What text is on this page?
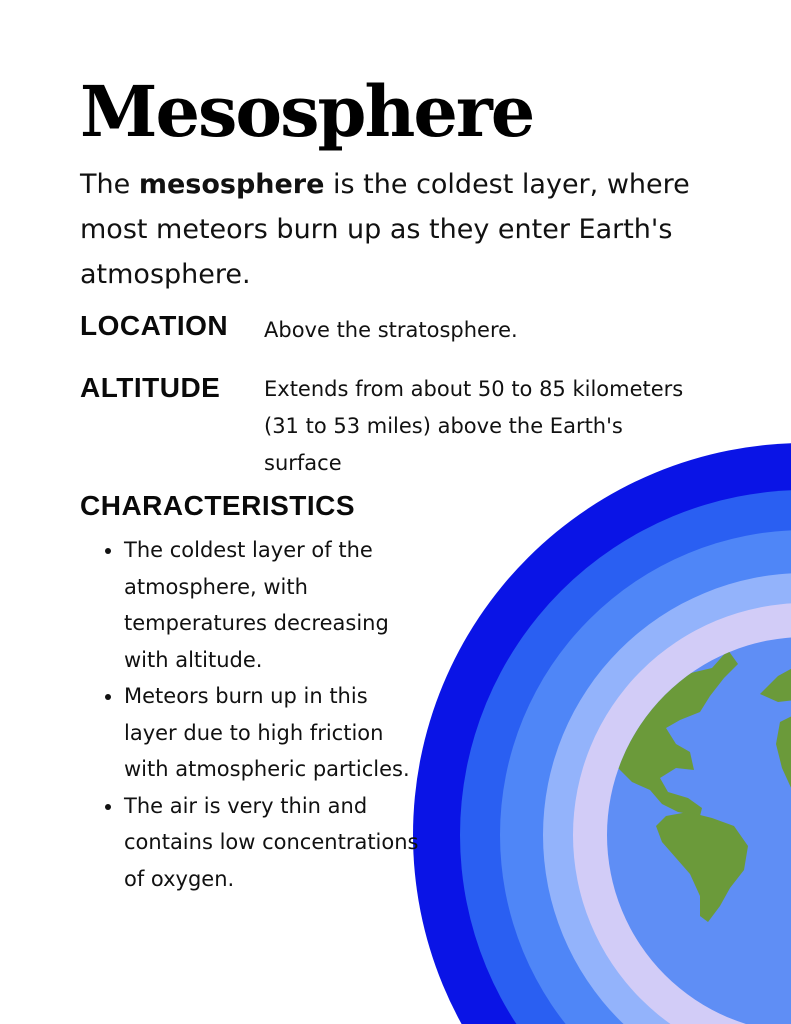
Mesosphere

The mesosphere is the coldest layer, where most meteors burn up as they enter Earth's atmosphere.

LOCATION Above the stratosphere.

ALTITUDE Extends from about 50 to 85 kilometers (31 to 53 miles) above the Earth's surface

CHARACTERISTICS
• The coldest layer of the atmosphere, with temperatures decreasing with altitude.
• Meteors burn up in this layer due to high friction with atmospheric particles.
• The air is very thin and contains low concentrations of oxygen.
